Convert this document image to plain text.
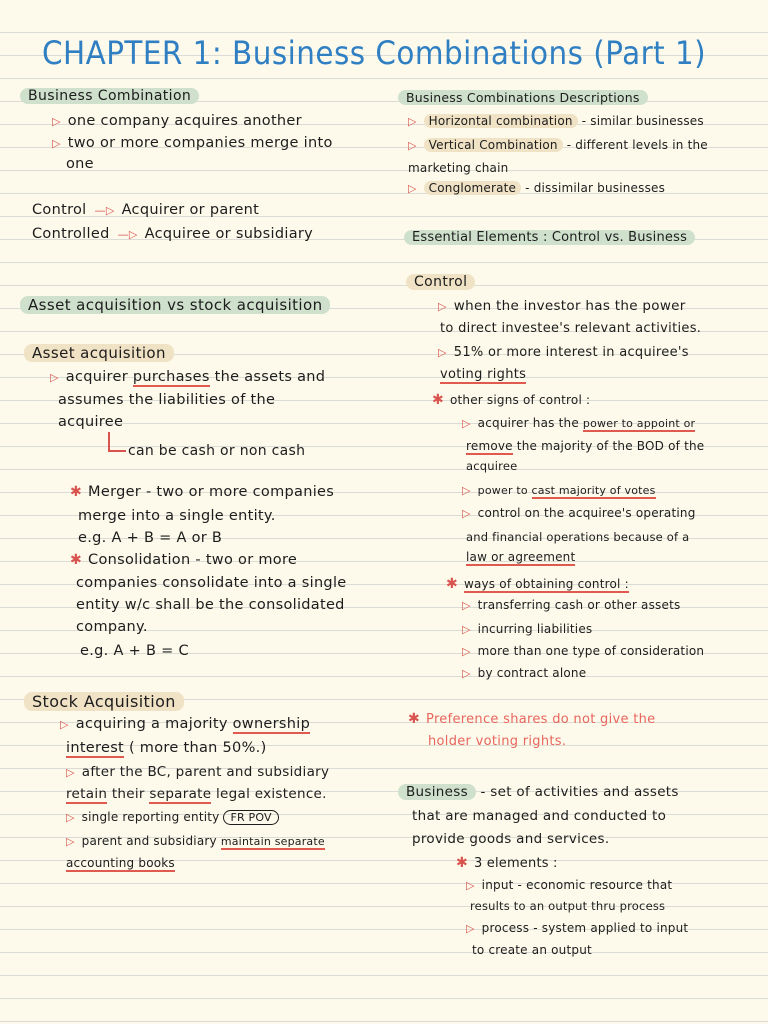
CHAPTER 1: Business Combinations (Part 1)
Business Combination
▷ one company acquires another
▷ two or more companies merge into
one
Control —▷ Acquirer or parent
Controlled —▷ Acquiree or subsidiary
Asset acquisition vs stock acquisition
Asset acquisition
▷ acquirer purchases the assets and
assumes the liabilities of the
acquiree
can be cash or non cash
✱ Merger - two or more companies
merge into a single entity.
e.g. A + B = A or B
✱ Consolidation - two or more
companies consolidate into a single
entity w/c shall be the consolidated
company.
e.g. A + B = C
Stock Acquisition
▷ acquiring a majority ownership
interest ( more than 50%.)
▷ after the BC, parent and subsidiary
retain their separate legal existence.
▷ single reporting entity FR POV
▷ parent and subsidiary maintain separate
accounting books
Business Combinations Descriptions
▷ Horizontal combination - similar businesses
▷ Vertical Combination - different levels in the
marketing chain
▷ Conglomerate - dissimilar businesses
Essential Elements : Control vs. Business
Control
▷ when the investor has the power
to direct investee's relevant activities.
▷ 51% or more interest in acquiree's
voting rights
✱ other signs of control :
▷ acquirer has the power to appoint or
remove the majority of the BOD of the
acquiree
▷ power to cast majority of votes
▷ control on the acquiree's operating
and financial operations because of a
law or agreement
✱ ways of obtaining control :
▷ transferring cash or other assets
▷ incurring liabilities
▷ more than one type of consideration
▷ by contract alone
✱ Preference shares do not give the
holder voting rights.
Business - set of activities and assets
that are managed and conducted to
provide goods and services.
✱ 3 elements :
▷ input - economic resource that
results to an output thru process
▷ process - system applied to input
to create an output
